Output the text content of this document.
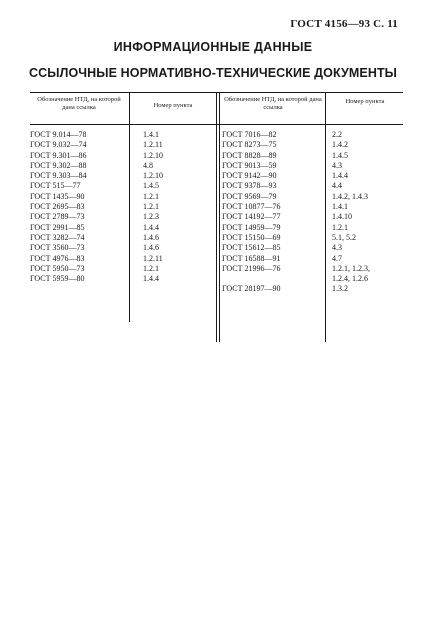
ГОСТ 4156—93 С. 11
ИНФОРМАЦИОННЫЕ ДАННЫЕ
ССЫЛОЧНЫЕ НОРМАТИВНО-ТЕХНИЧЕСКИЕ ДОКУМЕНТЫ
Обозначение НТД, на которой дана ссылка	Номер пункта
Обозначение НТД, на которой дана ссылка
Номер пункта
ГОСТ 9.014—78
ГОСТ 9.032—74
ГОСТ 9.301—86
ГОСТ 9.302—88
ГОСТ 9.303—84
ГОСТ 515—77
ГОСТ 1435—90
ГОСТ 2695—83
ГОСТ 2789—73
ГОСТ 2991—85
ГОСТ 3282—74
ГОСТ 3560—73
ГОСТ 4976—83
ГОСТ 5950—73
ГОСТ 5959—80
1.4.1
1.2.11
1.2.10
4.8
1.2.10
1.4.5
1.2.1
1.2.1
1.2.3
1.4.4
1.4.6
1.4.6
1.2.11
1.2.1
1.4.4
ГОСТ 7016—82
ГОСТ 8273—75
ГОСТ 8828—89
ГОСТ 9013—59
ГОСТ 9142—90
ГОСТ 9378—93
ГОСТ 9569—79
ГОСТ 10877—76
ГОСТ 14192—77
ГОСТ 14959—79
ГОСТ 15150—69
ГОСТ 15612—85
ГОСТ 16588—91
ГОСТ 21996—76

ГОСТ 28197—90
2.2
1.4.2
1.4.5
4.3
1.4.4
4.4
1.4.2, 1.4.3
1.4.1
1.4.10
1.2.1
5.1, 5.2
4.3
4.7
1.2.1, 1.2.3,
1.2.4, 1.2.6
1.3.2
